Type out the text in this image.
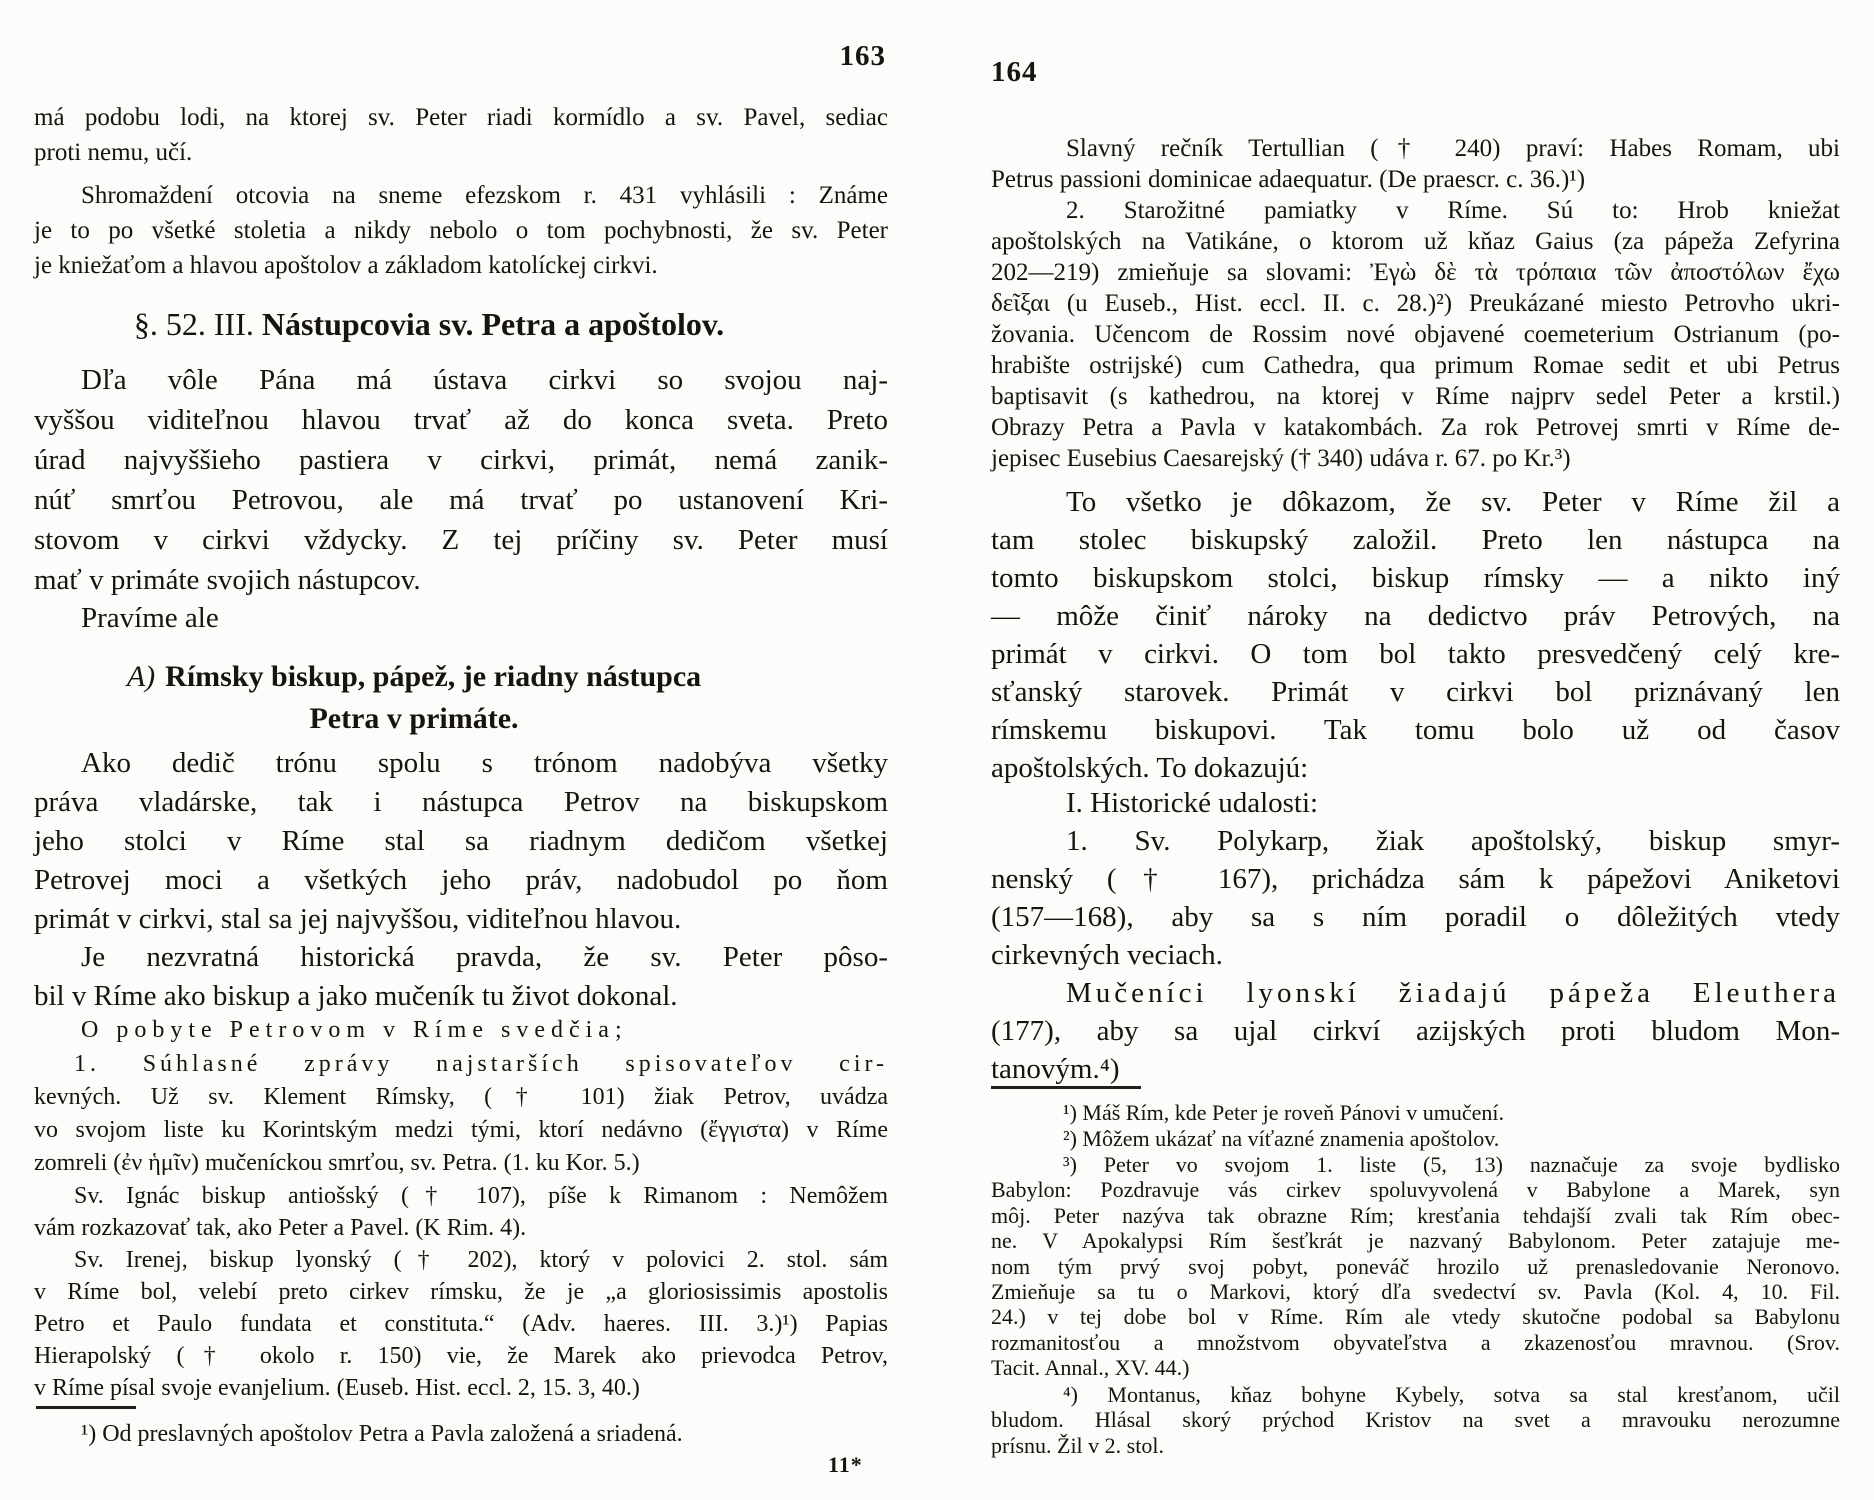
163
má podobu lodi, na ktorej sv. Peter riadi kormídlo a sv. Pavel, sediac
proti nemu, učí.
Shromaždení otcovia na sneme efezskom r. 431 vyhlásili : Známe
je to po všetké stoletia a nikdy nebolo o tom pochybnosti, že sv. Peter
je kniežaťom a hlavou apoštolov a základom katolíckej cirkvi.
§. 52. III. Nástupcovia sv. Petra a apoštolov.
Dľa vôle Pána má ústava cirkvi so svojou naj-
vyššou viditeľnou hlavou trvať až do konca sveta. Preto
úrad najvyššieho pastiera v cirkvi, primát, nemá zanik-
núť smrťou Petrovou, ale má trvať po ustanovení Kri-
stovom v cirkvi vždycky. Z tej príčiny sv. Peter musí
mať v primáte svojich nástupcov.
Pravíme ale
A) Rímsky biskup, pápež, je riadny nástupca
Petra v primáte.
Ako dedič trónu spolu s trónom nadobýva všetky
práva vladárske, tak i nástupca Petrov na biskupskom
jeho stolci v Ríme stal sa riadnym dedičom všetkej
Petrovej moci a všetkých jeho práv, nadobudol po ňom
primát v cirkvi, stal sa jej najvyššou, viditeľnou hlavou.
Je nezvratná historická pravda, že sv. Peter pôso-
bil v Ríme ako biskup a jako mučeník tu život dokonal.
O pobyte Petrovom v Ríme svedčia;
1. Súhlasné zprávy najstarších spisovateľov cir-
kevných. Už sv. Klement Rímsky, († 101) žiak Petrov, uvádza
vo svojom liste ku Korintským medzi tými, ktorí nedávno (ἔγγιστα) v Ríme
zomreli (ἐν ἡμῖν) mučeníckou smrťou, sv. Petra. (1. ku Kor. 5.)
Sv. Ignác biskup antiošský († 107), píše k Rimanom : Nemôžem
vám rozkazovať tak, ako Peter a Pavel. (K Rim. 4).
Sv. Irenej, biskup lyonský († 202), ktorý v polovici 2. stol. sám
v Ríme bol, velebí preto cirkev rímsku, že je „a gloriosissimis apostolis
Petro et Paulo fundata et constituta.“ (Adv. haeres. III. 3.)¹) Papias
Hierapolský († okolo r. 150) vie, že Marek ako prievodca Petrov,
v Ríme písal svoje evanjelium. (Euseb. Hist. eccl. 2, 15. 3, 40.)
¹) Od preslavných apoštolov Petra a Pavla založená a sriadená.
11*
164
Slavný rečník Tertullian († 240) praví: Habes Romam, ubi
Petrus passioni dominicae adaequatur. (De praescr. c. 36.)¹)
2. Starožitné pamiatky v Ríme. Sú to: Hrob kniežat
apoštolských na Vatikáne, o ktorom už kňaz Gaius (za pápeža Zefyrina
202—219) zmieňuje sa slovami: Ἐγὼ δὲ τὰ τρόπαια τῶν ἀποστόλων ἔχω
δεῖξαι (u Euseb., Hist. eccl. II. c. 28.)²) Preukázané miesto Petrovho ukri-
žovania. Učencom de Rossim nové objavené coemeterium Ostrianum (po-
hrabište ostrijské) cum Cathedra, qua primum Romae sedit et ubi Petrus
baptisavit (s kathedrou, na ktorej v Ríme najprv sedel Peter a krstil.)
Obrazy Petra a Pavla v katakombách. Za rok Petrovej smrti v Ríme de-
jepisec Eusebius Caesarejský († 340) udáva r. 67. po Kr.³)
To všetko je dôkazom, že sv. Peter v Ríme žil a
tam stolec biskupský založil. Preto len nástupca na
tomto biskupskom stolci, biskup rímsky — a nikto iný
— môže činiť nároky na dedictvo práv Petrových, na
primát v cirkvi. O tom bol takto presvedčený celý kre-
sťanský starovek. Primát v cirkvi bol priznávaný len
rímskemu biskupovi. Tak tomu bolo už od časov
apoštolských. To dokazujú:
I. Historické udalosti:
1. Sv. Polykarp, žiak apoštolský, biskup smyr-
nenský († 167), prichádza sám k pápežovi Aniketovi
(157—168), aby sa s ním poradil o dôležitých vtedy
cirkevných veciach.
Mučeníci lyonskí žiadajú pápeža Eleuthera
(177), aby sa ujal cirkví azijských proti bludom Mon-
tanovým.⁴)
¹) Máš Rím, kde Peter je roveň Pánovi v umučení.
²) Môžem ukázať na víťazné znamenia apoštolov.
³) Peter vo svojom 1. liste (5, 13) naznačuje za svoje bydlisko
Babylon: Pozdravuje vás cirkev spoluvyvolená v Babylone a Marek, syn
môj. Peter nazýva tak obrazne Rím; kresťania tehdajší zvali tak Rím obec-
ne. V Apokalypsi Rím šesťkrát je nazvaný Babylonom. Peter zatajuje me-
nom tým prvý svoj pobyt, poneváč hrozilo už prenasledovanie Neronovo.
Zmieňuje sa tu o Markovi, ktorý dľa svedectví sv. Pavla (Kol. 4, 10. Fil.
24.) v tej dobe bol v Ríme. Rím ale vtedy skutočne podobal sa Babylonu
rozmanitosťou a množstvom obyvateľstva a zkazenosťou mravnou. (Srov.
Tacit. Annal., XV. 44.)
⁴) Montanus, kňaz bohyne Kybely, sotva sa stal kresťanom, učil
bludom. Hlásal skorý prýchod Kristov na svet a mravouku nerozumne
prísnu. Žil v 2. stol.
